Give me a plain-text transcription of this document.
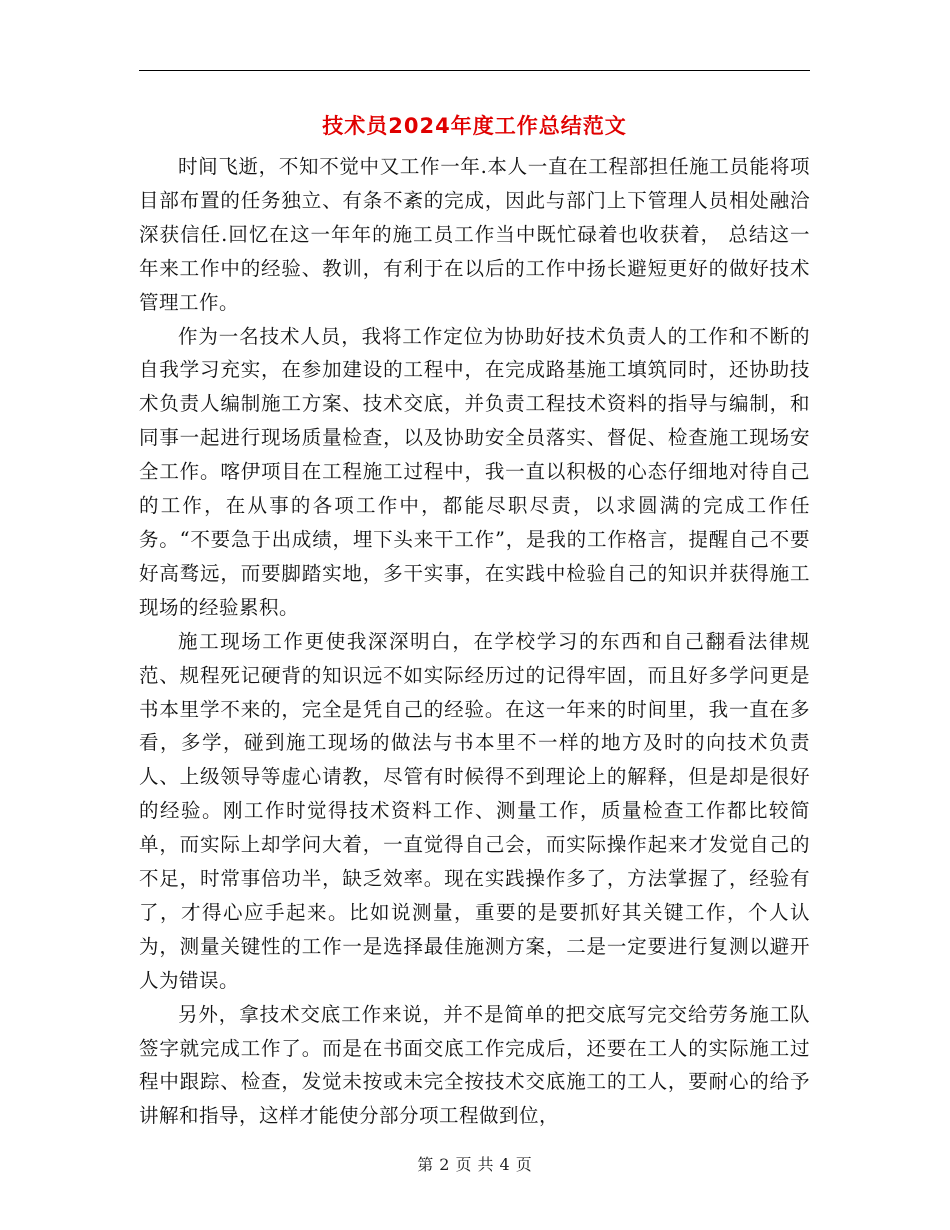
技术员2024年度工作总结范文

时间飞逝，不知不觉中又工作一年.本人一直在工程部担任施工员能将项目部布置的任务独立、有条不紊的完成，因此与部门上下管理人员相处融洽深获信任.回忆在这一年年的施工员工作当中既忙碌着也收获着， 总结这一年来工作中的经验、教训，有利于在以后的工作中扬长避短更好的做好技术管理工作。

作为一名技术人员，我将工作定位为协助好技术负责人的工作和不断的自我学习充实，在参加建设的工程中，在完成路基施工填筑同时，还协助技术负责人编制施工方案、技术交底，并负责工程技术资料的指导与编制，和同事一起进行现场质量检查，以及协助安全员落实、督促、检查施工现场安全工作。喀伊项目在工程施工过程中，我一直以积极的心态仔细地对待自己的工作，在从事的各项工作中，都能尽职尽责，以求圆满的完成工作任务。“不要急于出成绩，埋下头来干工作”，是我的工作格言，提醒自己不要好高骛远，而要脚踏实地，多干实事，在实践中检验自己的知识并获得施工现场的经验累积。

施工现场工作更使我深深明白，在学校学习的东西和自己翻看法律规范、规程死记硬背的知识远不如实际经历过的记得牢固，而且好多学问更是书本里学不来的，完全是凭自己的经验。在这一年来的时间里，我一直在多看，多学，碰到施工现场的做法与书本里不一样的地方及时的向技术负责人、上级领导等虚心请教，尽管有时候得不到理论上的解释，但是却是很好的经验。刚工作时觉得技术资料工作、测量工作，质量检查工作都比较简单，而实际上却学问大着，一直觉得自己会，而实际操作起来才发觉自己的不足，时常事倍功半，缺乏效率。现在实践操作多了，方法掌握了，经验有了，才得心应手起来。比如说测量，重要的是要抓好其关键工作，个人认为，测量关键性的工作一是选择最佳施测方案，二是一定要进行复测以避开人为错误。

另外，拿技术交底工作来说，并不是简单的把交底写完交给劳务施工队签字就完成工作了。而是在书面交底工作完成后，还要在工人的实际施工过程中跟踪、检查，发觉未按或未完全按技术交底施工的工人，要耐心的给予讲解和指导，这样才能使分部分项工程做到位，

第 2 页 共 4 页
